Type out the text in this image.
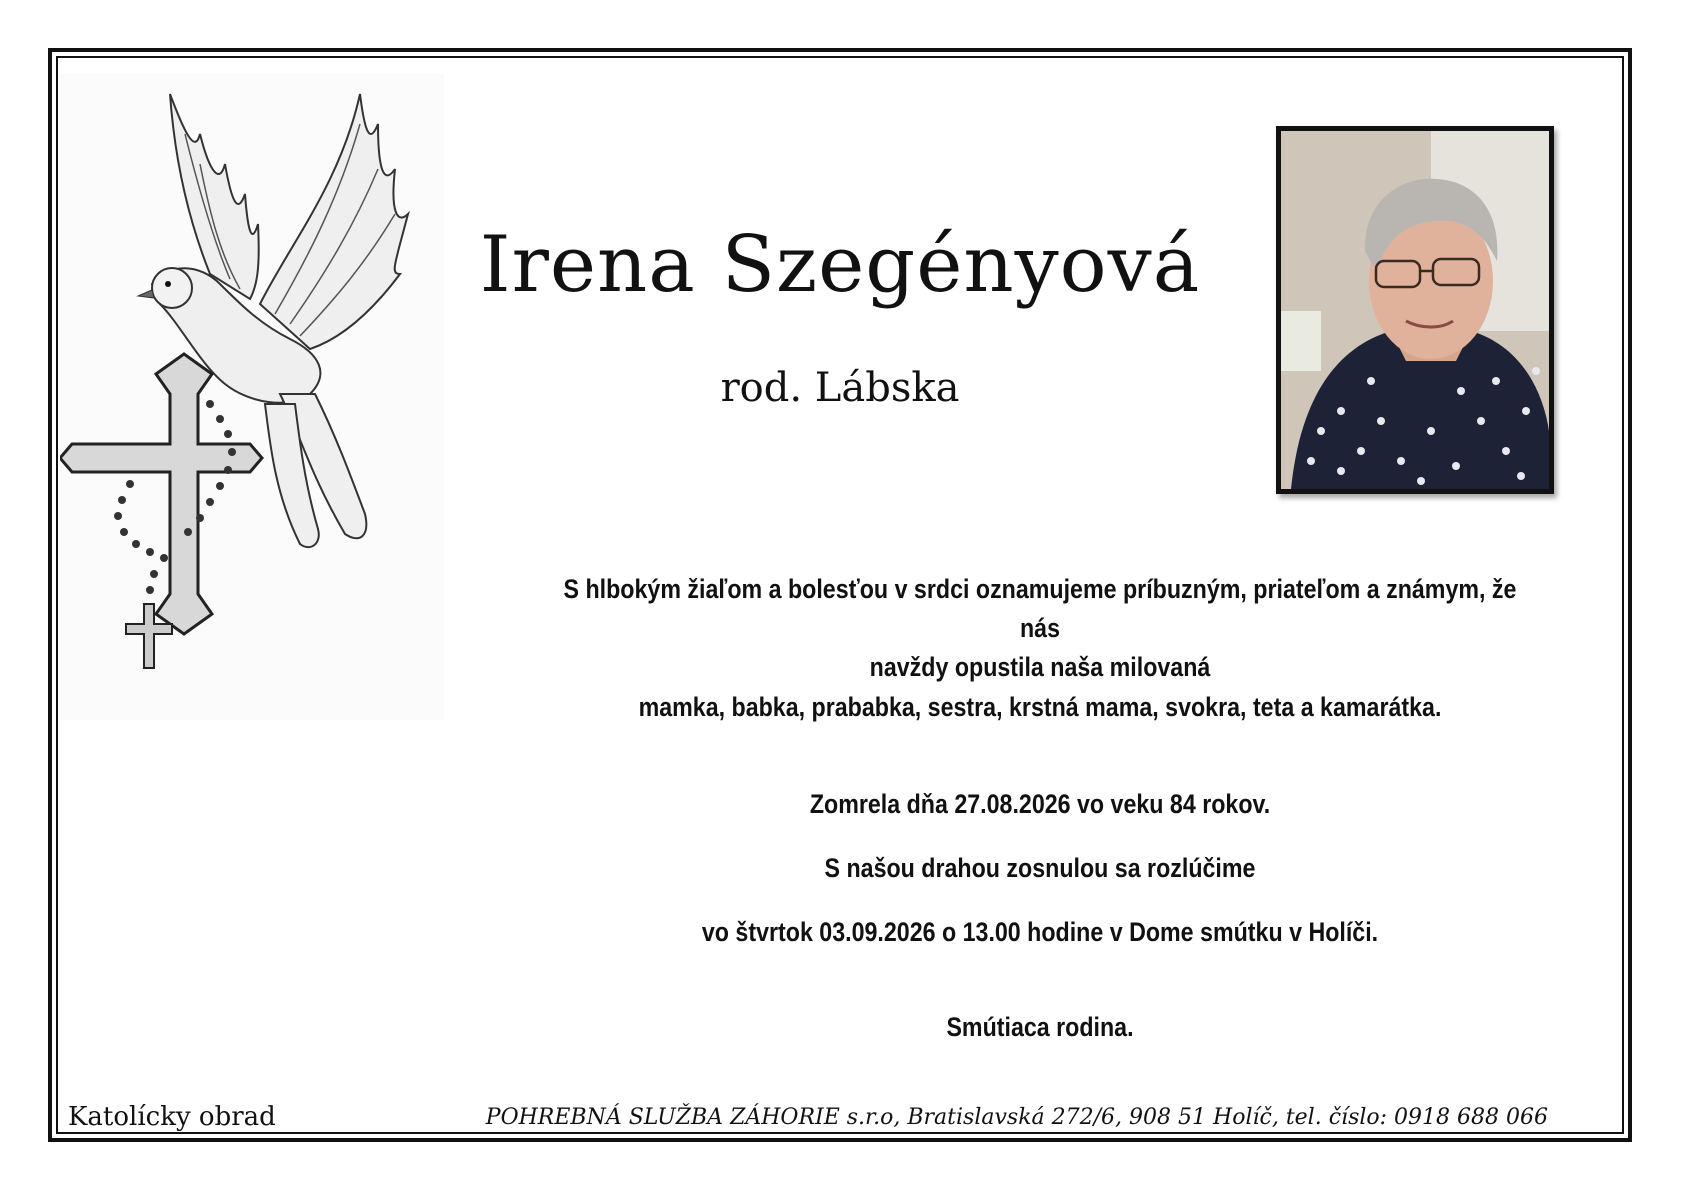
Irena Szegényová
rod. Lábska
S hlbokým žiaľom a bolesťou v srdci oznamujeme príbuzným, priateľom a známym, že nás
navždy opustila naša milovaná
mamka, babka, prababka, sestra, krstná mama, svokra, teta a kamarátka.
Zomrela dňa 27.08.2026 vo veku 84 rokov.
S našou drahou zosnulou sa rozlúčime
vo štvrtok 03.09.2026 o 13.00 hodine v Dome smútku v Holíči.
Smútiaca rodina.
Katolícky obrad	POHREBNÁ SLUŽBA ZÁHORIE s.r.o, Bratislavská 272/6, 908 51 Holíč, tel. číslo: 0918 688 066
